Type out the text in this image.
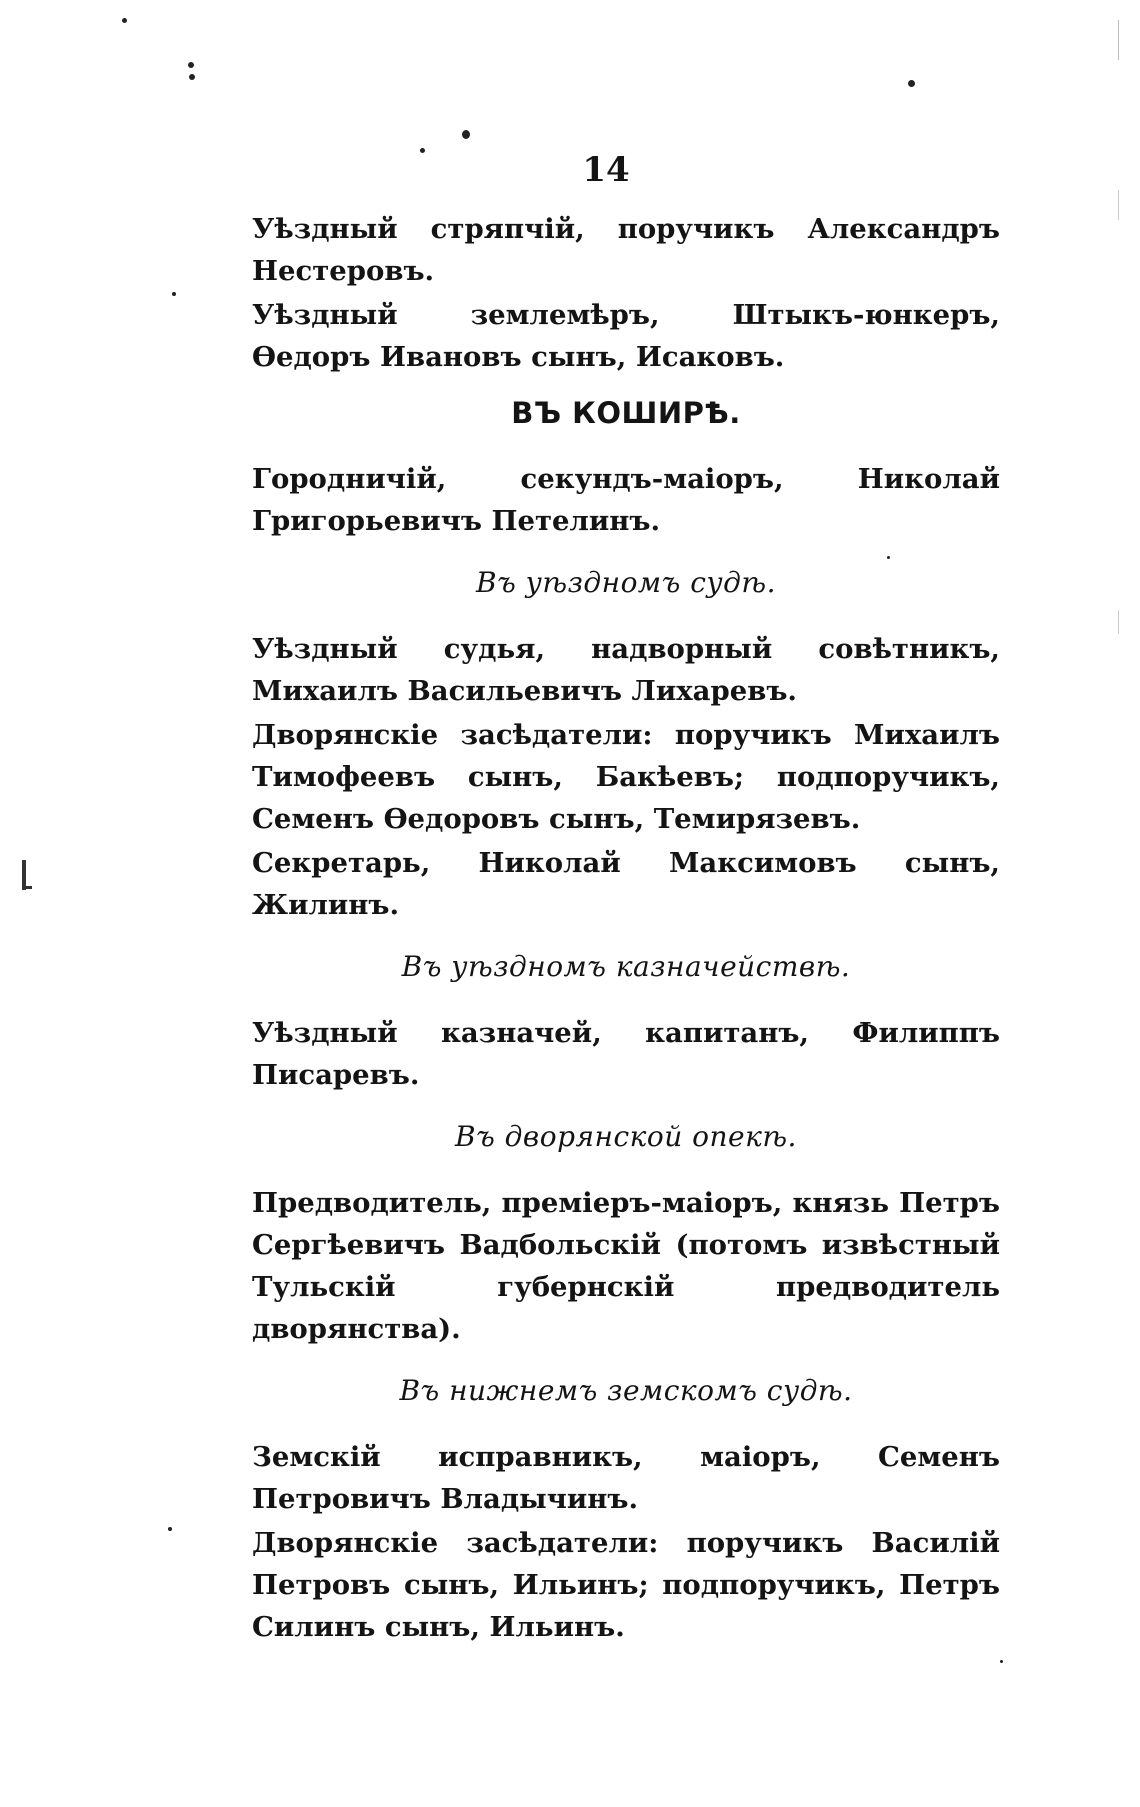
14
Уѣздный стряпчій, поручикъ Александръ Нестеровъ.
Уѣздный землемѣръ, Штыкъ-юнкеръ, Ѳедоръ Ивановъ сынъ, Исаковъ.
ВЪ КОШИРѢ.
Городничій, секундъ-маіоръ, Николай Григорьевичъ Петелинъ.
Въ уѣздномъ судѣ.
Уѣздный судья, надворный совѣтникъ, Михаилъ Васильевичъ Лихаревъ.
Дворянскіе засѣдатели: поручикъ Михаилъ Тимофеевъ сынъ, Бакѣевъ; подпоручикъ, Семенъ Ѳедоровъ сынъ, Темирязевъ.
Секретарь, Николай Максимовъ сынъ, Жилинъ.
Въ уѣздномъ казначействѣ.
Уѣздный казначей, капитанъ, Филиппъ Писаревъ.
Въ дворянской опекѣ.
Предводитель, преміеръ-маіоръ, князь Петръ Сергѣевичъ Вадбольскій (потомъ извѣстный Тульскій губернскій предводитель дворянства).
Въ нижнемъ земскомъ судѣ.
Земскій исправникъ, маіоръ, Семенъ Петровичъ Владычинъ.
Дворянскіе засѣдатели: поручикъ Василій Петровъ сынъ, Ильинъ; подпоручикъ, Петръ Силинъ сынъ, Ильинъ.
